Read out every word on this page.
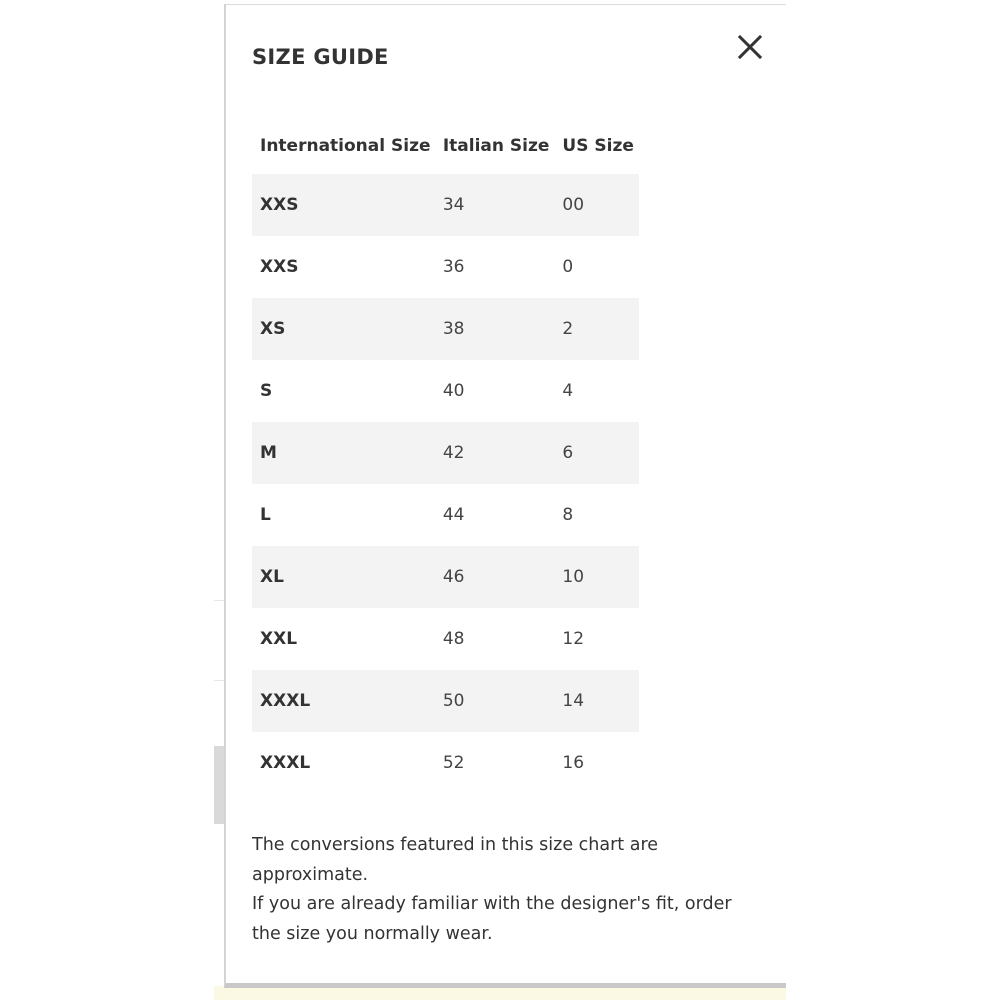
SIZE GUIDE
International Size	Italian Size	US Size
XXS	34	00
XXS	36	0
XS	38	2
S	40	4
M	42	6
L	44	8
XL	46	10
XXL	48	12
XXXL	50	14
XXXL	52	16

The conversions featured in this size chart are approximate.

If you are already familiar with the designer's fit, order the size you normally wear.
